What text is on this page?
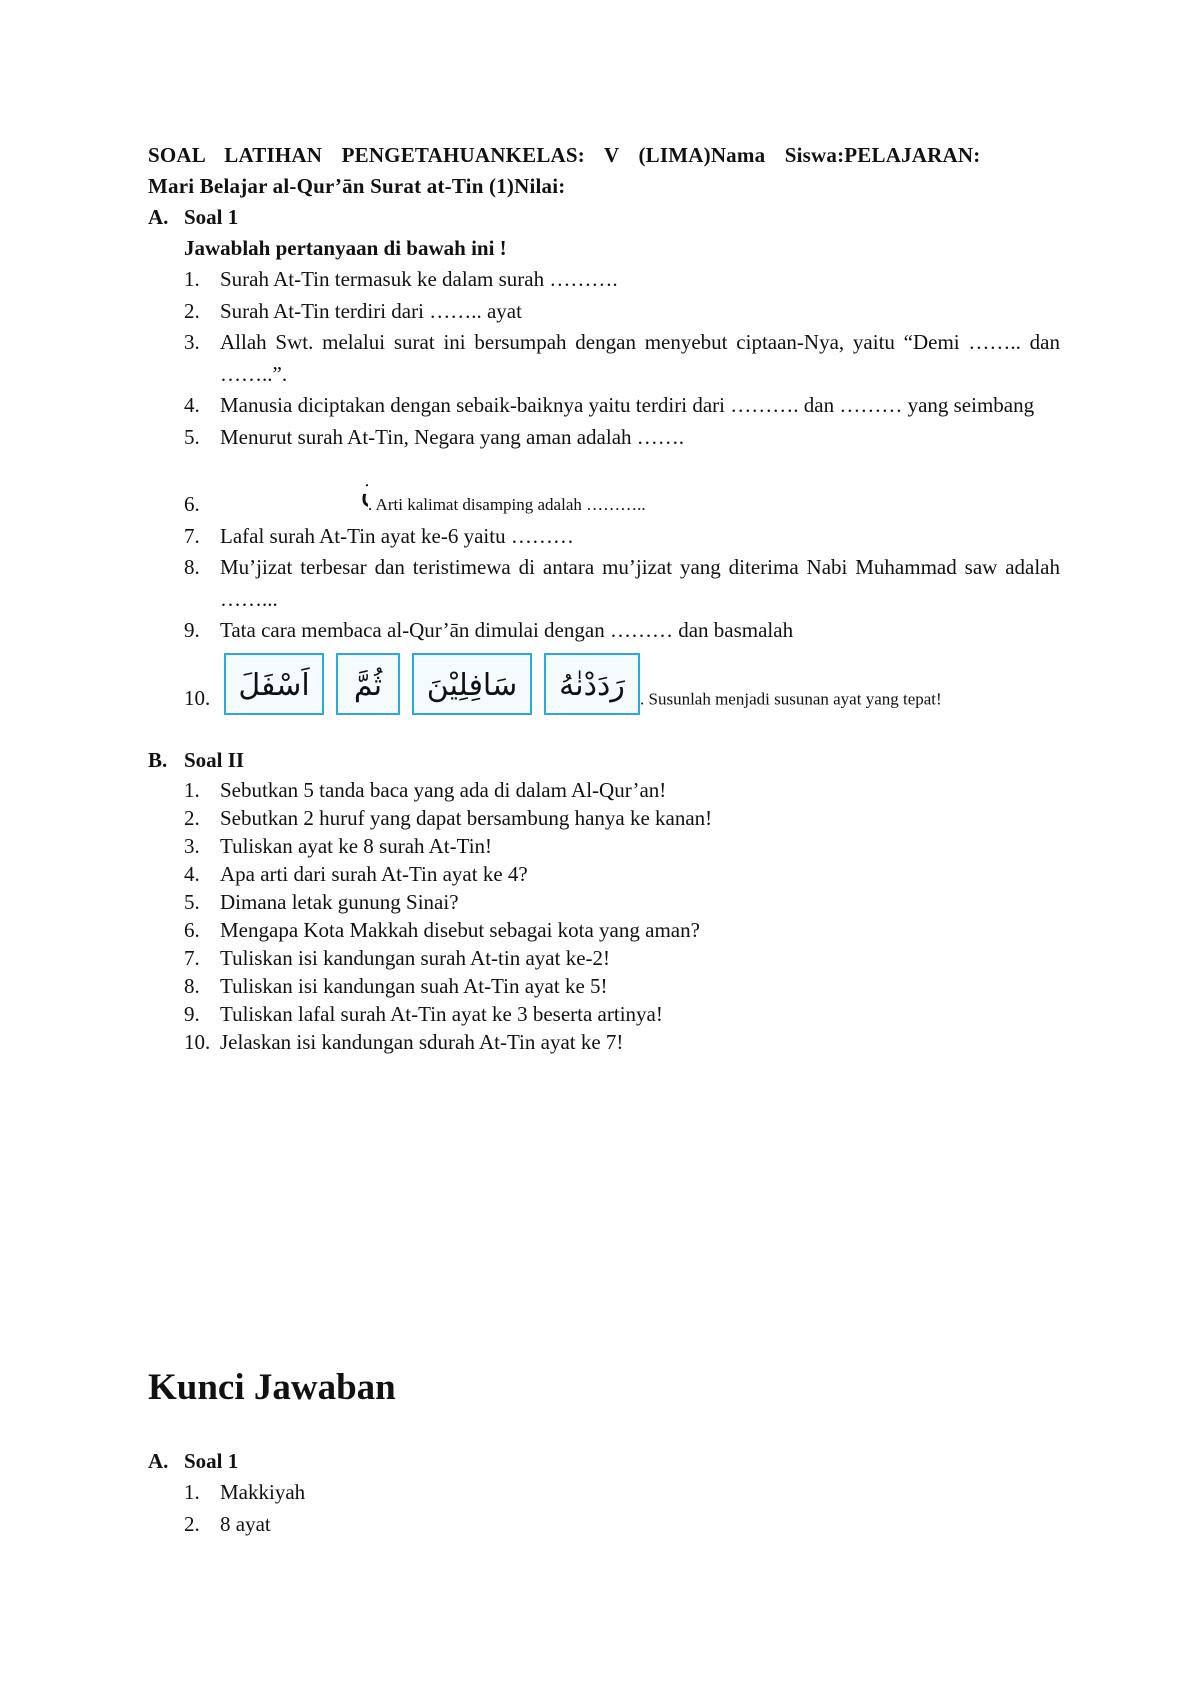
SOAL LATIHAN PENGETAHUANKELAS: V (LIMA)Nama Siswa:PELAJARAN:
Mari Belajar al-Qur’ān Surat at-Tin (1)Nilai:

A. Soal 1

Jawablah pertanyaan di bawah ini !

1. Surah At-Tin termasuk ke dalam surah ……….
2. Surah At-Tin terdiri dari …….. ayat
3. Allah Swt. melalui surat ini bersumpah dengan menyebut ciptaan-Nya, yaitu “Demi …….. dan ……..”.
4. Manusia diciptakan dengan sebaik-baiknya yaitu terdiri dari ………. dan ……… yang seimbang
5. Menurut surah At-Tin, Negara yang aman adalah …….
6.	. Arti kalimat disamping adalah ………..
7. Lafal surah At-Tin ayat ke-6 yaitu ………
8. Mu’jizat terbesar dan teristimewa di antara mu’jizat yang diterima Nabi Muhammad saw adalah ……...
9. Tata cara membaca al-Qur’ān dimulai dengan ……… dan basmalah
10. اَسْفَلَ ثُمَّ سَافِلِيْنَ رَدَدْنٰهُ . Susunlah menjadi susunan ayat yang tepat!
B. Soal II
1. Sebutkan 5 tanda baca yang ada di dalam Al-Qur’an!
2. Sebutkan 2 huruf yang dapat bersambung hanya ke kanan!
3. Tuliskan ayat ke 8 surah At-Tin!
4. Apa arti dari surah At-Tin ayat ke 4?
5. Dimana letak gunung Sinai?
6. Mengapa Kota Makkah disebut sebagai kota yang aman?
7. Tuliskan isi kandungan surah At-tin ayat ke-2!
8. Tuliskan isi kandungan suah At-Tin ayat ke 5!
9. Tuliskan lafal surah At-Tin ayat ke 3 beserta artinya!
10. Jelaskan isi kandungan sdurah At-Tin ayat ke 7!
Kunci Jawaban
A. Soal 1
1. Makkiyah
2. 8 ayat
